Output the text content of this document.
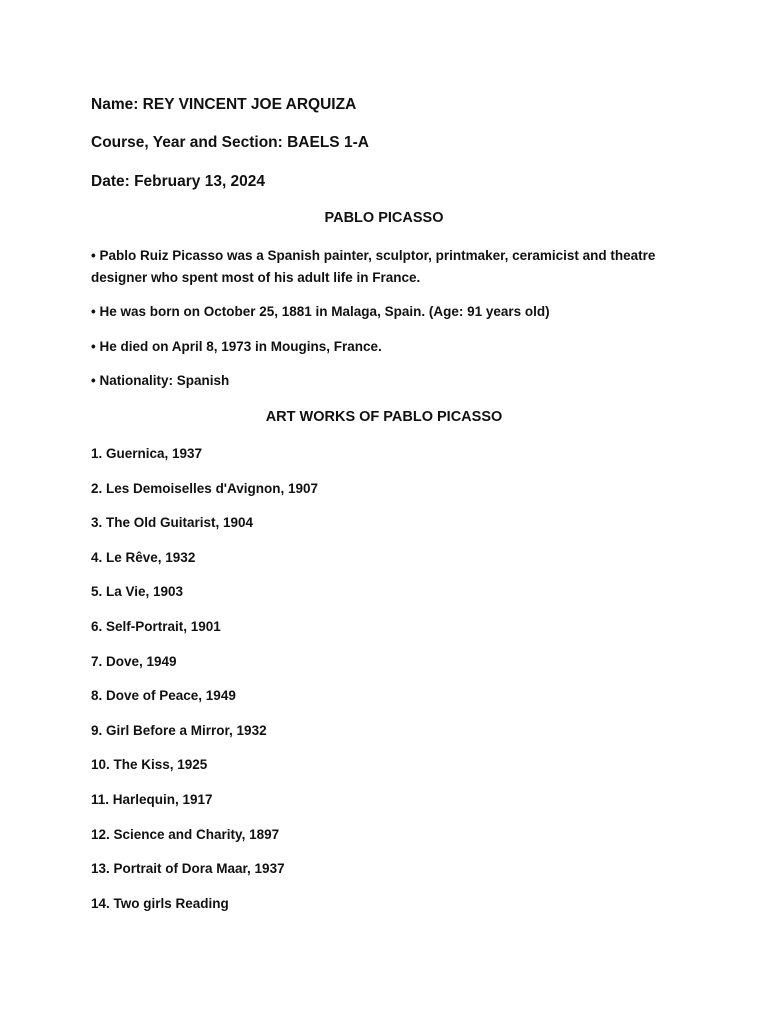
Name: REY VINCENT JOE ARQUIZA
Course, Year and Section: BAELS 1-A
Date: February 13, 2024
PABLO PICASSO
• Pablo Ruiz Picasso was a Spanish painter, sculptor, printmaker, ceramicist and theatre designer who spent most of his adult life in France.
• He was born on October 25, 1881 in Malaga, Spain. (Age: 91 years old)
• He died on April 8, 1973 in Mougins, France.
• Nationality: Spanish
ART WORKS OF PABLO PICASSO
1. Guernica, 1937
2. Les Demoiselles d'Avignon, 1907
3. The Old Guitarist, 1904
4. Le Rêve, 1932
5. La Vie, 1903
6. Self-Portrait, 1901
7. Dove, 1949
8. Dove of Peace, 1949
9. Girl Before a Mirror, 1932
10. The Kiss, 1925
11. Harlequin, 1917
12. Science and Charity, 1897
13. Portrait of Dora Maar, 1937
14. Two girls Reading
